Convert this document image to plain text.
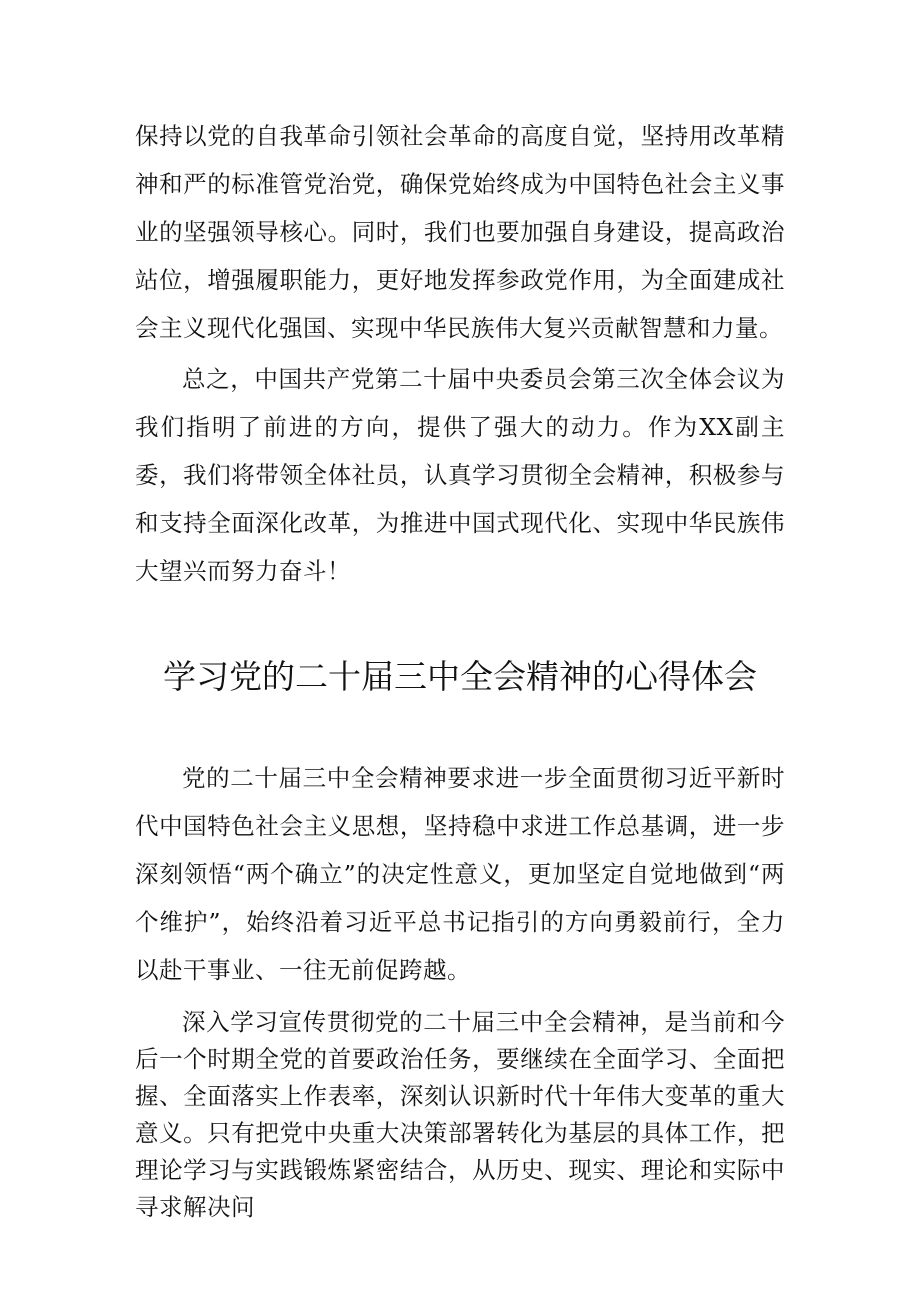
保持以党的自我革命引领社会革命的高度自觉，坚持用改革精神和严的标准管党治党，确保党始终成为中国特色社会主义事业的坚强领导核心。同时，我们也要加强自身建设，提高政治站位，增强履职能力，更好地发挥参政党作用，为全面建成社会主义现代化强国、实现中华民族伟大复兴贡献智慧和力量。

总之，中国共产党第二十届中央委员会第三次全体会议为我们指明了前进的方向，提供了强大的动力。作为XX副主委，我们将带领全体社员，认真学习贯彻全会精神，积极参与和支持全面深化改革，为推进中国式现代化、实现中华民族伟大望兴而努力奋斗！

学习党的二十届三中全会精神的心得体会

党的二十届三中全会精神要求进一步全面贯彻习近平新时代中国特色社会主义思想，坚持稳中求进工作总基调，进一步深刻领悟“两个确立”的决定性意义，更加坚定自觉地做到“两个维护”，始终沿着习近平总书记指引的方向勇毅前行，全力以赴干事业、一往无前促跨越。

深入学习宣传贯彻党的二十届三中全会精神，是当前和今后一个时期全党的首要政治任务，要继续在全面学习、全面把握、全面落实上作表率，深刻认识新时代十年伟大变革的重大意义。只有把党中央重大决策部署转化为基层的具体工作，把理论学习与实践锻炼紧密结合，从历史、现实、理论和实际中寻求解决问
